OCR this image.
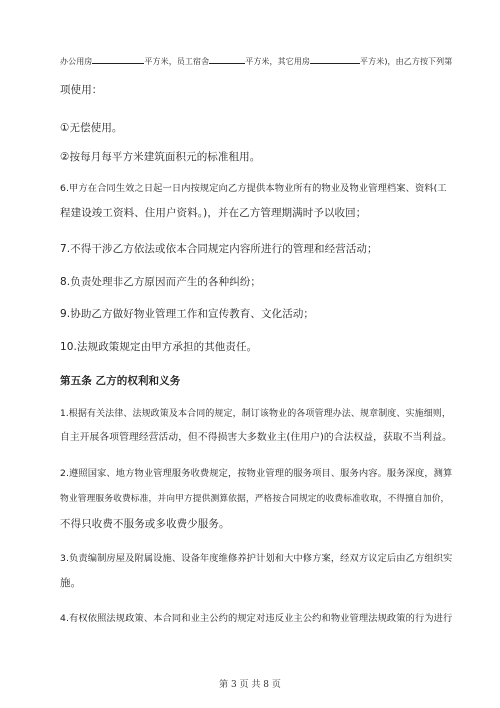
办公用房	平方米，员工宿舍	平方米，其它用房	平方米)，由乙方按下列第
项使用：
①无偿使用。
②按每月每平方米建筑面积元的标准租用。
6.甲方在合同生效之日起一日内按规定向乙方提供本物业所有的物业及物业管理档案、资料(工
程建设竣工资料、住用户资料。)，并在乙方管理期满时予以收回；
7.不得干涉乙方依法或依本合同规定内容所进行的管理和经营活动；
8.负责处理非乙方原因而产生的各种纠纷；
9.协助乙方做好物业管理工作和宣传教育、文化活动；
10.法规政策规定由甲方承担的其他责任。
第五条 乙方的权利和义务
1.根据有关法律、法规政策及本合同的规定，制订该物业的各项管理办法、规章制度、实施细则，
自主开展各项管理经营活动，但不得损害大多数业主(住用户)的合法权益，获取不当利益。
2.遵照国家、地方物业管理服务收费规定，按物业管理的服务项目、服务内容。服务深度，测算
物业管理服务收费标准，并向甲方提供测算依据，严格按合同规定的收费标准收取，不得擅自加价，
不得只收费不服务或多收费少服务。
3.负责编制房屋及附属设施、设备年度维修养护计划和大中修方案，经双方议定后由乙方组织实
施。
4.有权依照法规政策、本合同和业主公约的规定对违反业主公约和物业管理法规政策的行为进行
第 3 页 共 8 页
